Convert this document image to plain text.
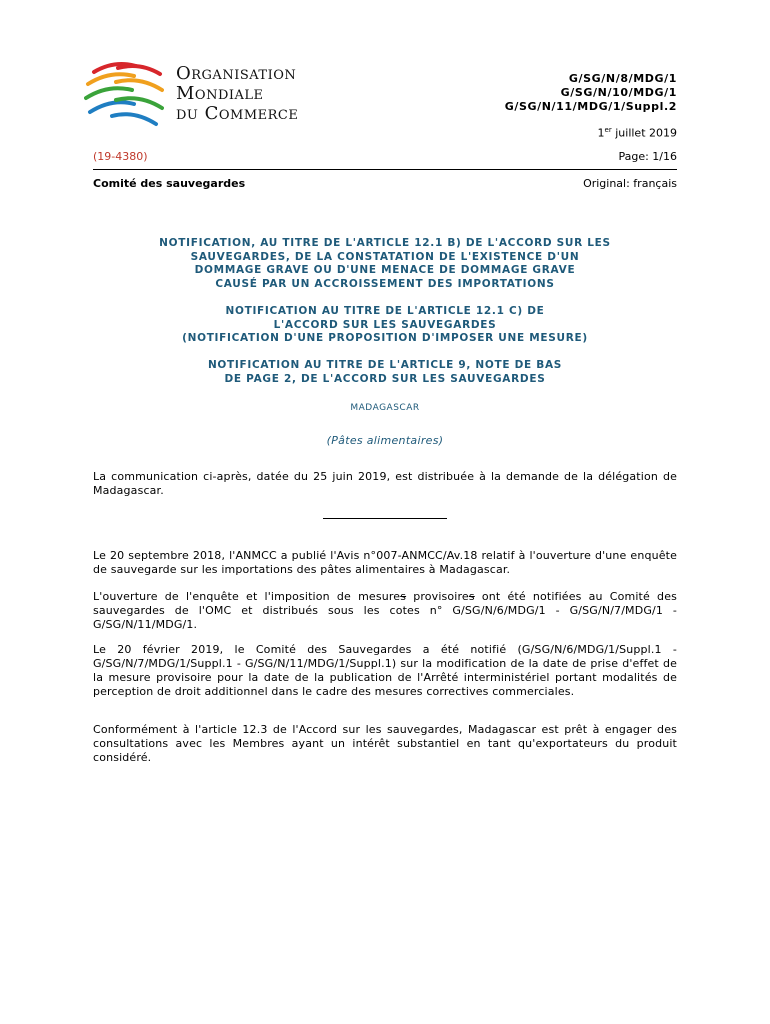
Organisation
Mondiale
du Commerce
G/SG/N/8/MDG/1
G/SG/N/10/MDG/1
G/SG/N/11/MDG/1/Suppl.2
1er juillet 2019
(19-4380)	Page: 1/16
Comité des sauvegardes	Original: français
NOTIFICATION, AU TITRE DE L'ARTICLE 12.1 B) DE L'ACCORD SUR LES
SAUVEGARDES, DE LA CONSTATATION DE L'EXISTENCE D'UN
DOMMAGE GRAVE OU D'UNE MENACE DE DOMMAGE GRAVE
CAUSÉ PAR UN ACCROISSEMENT DES IMPORTATIONS
NOTIFICATION AU TITRE DE L'ARTICLE 12.1 C) DE
L'ACCORD SUR LES SAUVEGARDES
(NOTIFICATION D'UNE PROPOSITION D'IMPOSER UNE MESURE)
NOTIFICATION AU TITRE DE L'ARTICLE 9, NOTE DE BAS
DE PAGE 2, DE L'ACCORD SUR LES SAUVEGARDES
MADAGASCAR
(Pâtes alimentaires)
La communication ci-après, datée du 25 juin 2019, est distribuée à la demande de la délégation de Madagascar.
Le 20 septembre 2018, l'ANMCC a publié l'Avis n°007-ANMCC/Av.18 relatif à l'ouverture d'une enquête de sauvegarde sur les importations des pâtes alimentaires à Madagascar.
L'ouverture de l'enquête et l'imposition de mesures provisoires ont été notifiées au Comité des sauvegardes de l'OMC et distribués sous les cotes n° G/SG/N/6/MDG/1 - G/SG/N/7/MDG/1 - G/SG/N/11/MDG/1.
Le 20 février 2019, le Comité des Sauvegardes a été notifié (G/SG/N/6/MDG/1/Suppl.1 - G/SG/N/7/MDG/1/Suppl.1 - G/SG/N/11/MDG/1/Suppl.1) sur la modification de la date de prise d'effet de la mesure provisoire pour la date de la publication de l'Arrêté interministériel portant modalités de perception de droit additionnel dans le cadre des mesures correctives commerciales.
Conformément à l'article 12.3 de l'Accord sur les sauvegardes, Madagascar est prêt à engager des consultations avec les Membres ayant un intérêt substantiel en tant qu'exportateurs du produit considéré.
